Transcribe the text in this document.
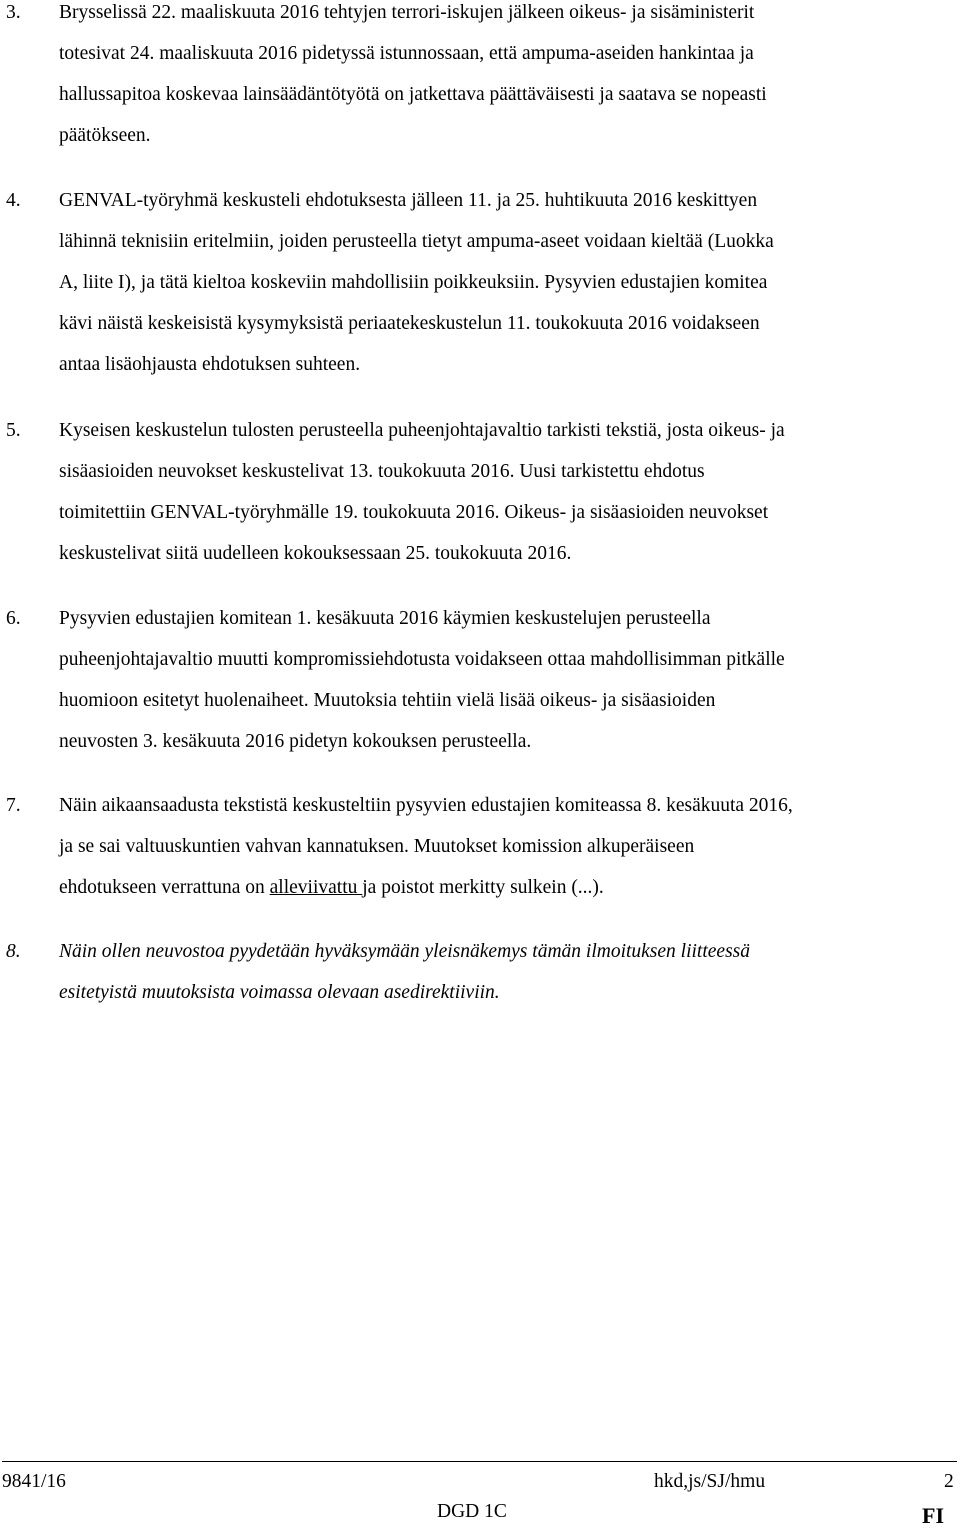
3. Brysselissä 22. maaliskuuta 2016 tehtyjen terrori-iskujen jälkeen oikeus- ja sisäministerit
totesivat 24. maaliskuuta 2016 pidetyssä istunnossaan, että ampuma-aseiden hankintaa ja
hallussapitoa koskevaa lainsäädäntötyötä on jatkettava päättäväisesti ja saatava se nopeasti
päätökseen.
4. GENVAL-työryhmä keskusteli ehdotuksesta jälleen 11. ja 25. huhtikuuta 2016 keskittyen
lähinnä teknisiin eritelmiin, joiden perusteella tietyt ampuma-aseet voidaan kieltää (Luokka
A, liite I), ja tätä kieltoa koskeviin mahdollisiin poikkeuksiin. Pysyvien edustajien komitea
kävi näistä keskeisistä kysymyksistä periaatekeskustelun 11. toukokuuta 2016 voidakseen
antaa lisäohjausta ehdotuksen suhteen.
5. Kyseisen keskustelun tulosten perusteella puheenjohtajavaltio tarkisti tekstiä, josta oikeus- ja
sisäasioiden neuvokset keskustelivat 13. toukokuuta 2016. Uusi tarkistettu ehdotus
toimitettiin GENVAL-työryhmälle 19. toukokuuta 2016. Oikeus- ja sisäasioiden neuvokset
keskustelivat siitä uudelleen kokouksessaan 25. toukokuuta 2016.
6. Pysyvien edustajien komitean 1. kesäkuuta 2016 käymien keskustelujen perusteella
puheenjohtajavaltio muutti kompromissiehdotusta voidakseen ottaa mahdollisimman pitkälle
huomioon esitetyt huolenaiheet. Muutoksia tehtiin vielä lisää oikeus- ja sisäasioiden
neuvosten 3. kesäkuuta 2016 pidetyn kokouksen perusteella.
7. Näin aikaansaadusta tekstistä keskusteltiin pysyvien edustajien komiteassa 8. kesäkuuta 2016,
ja se sai valtuuskuntien vahvan kannatuksen. Muutokset komission alkuperäiseen
ehdotukseen verrattuna on alleviivattu ja poistot merkitty sulkein (...).
8. Näin ollen neuvostoa pyydetään hyväksymään yleisnäkemys tämän ilmoituksen liitteessä
esitetyistä muutoksista voimassa olevaan asedirektiiviin.
9841/16	hkd,js/SJ/hmu	2
DGD 1C	FI
